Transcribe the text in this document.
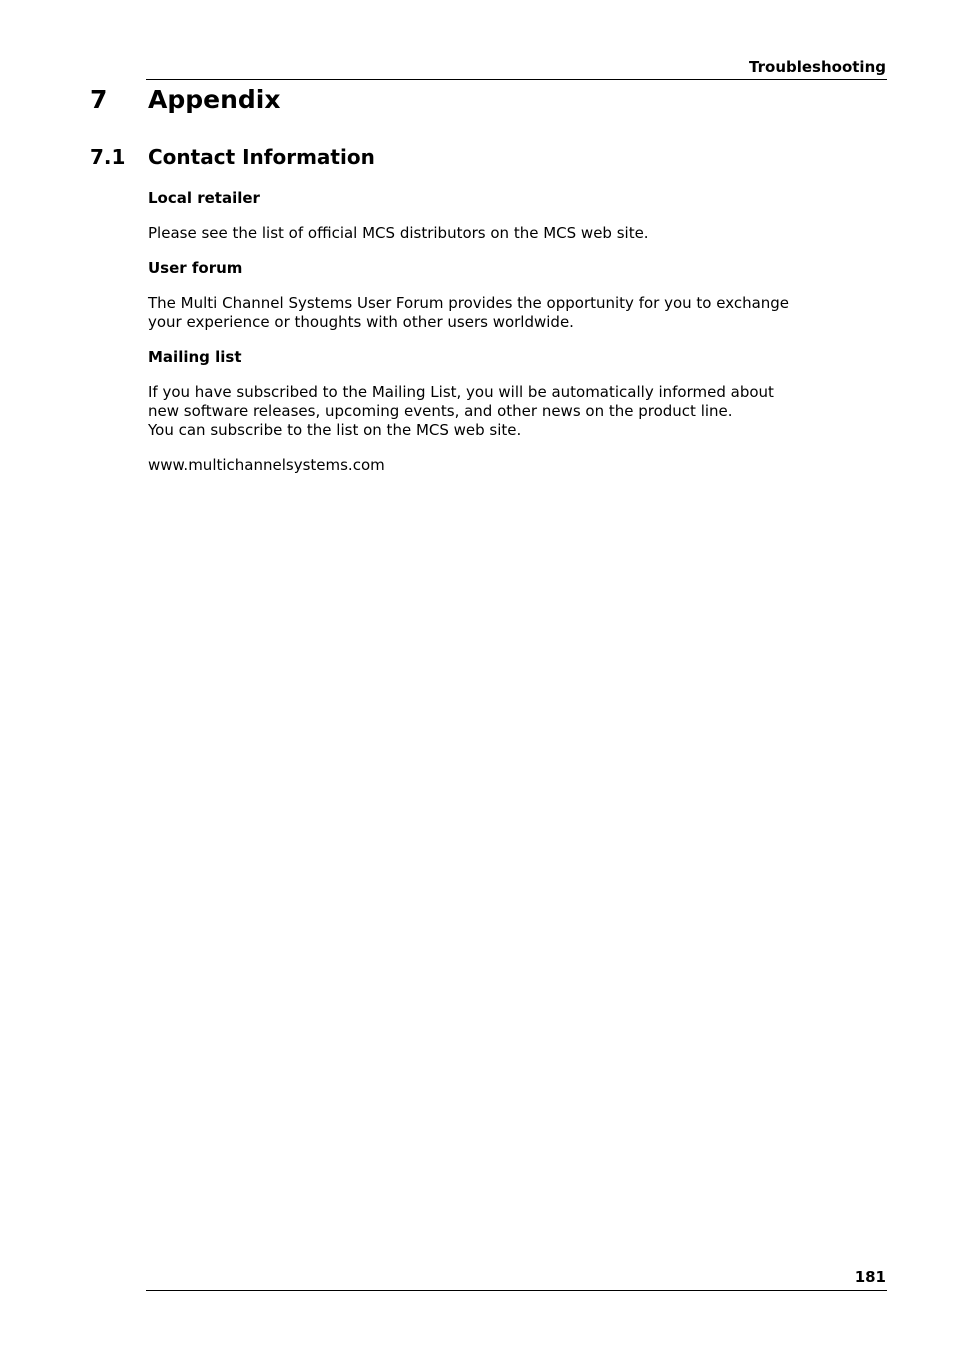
Troubleshooting
7 Appendix
7.1 Contact Information
Local retailer

Please see the list of official MCS distributors on the MCS web site.

User forum

The Multi Channel Systems User Forum provides the opportunity for you to exchange
your experience or thoughts with other users worldwide.

Mailing list

If you have subscribed to the Mailing List, you will be automatically informed about
new software releases, upcoming events, and other news on the product line.
You can subscribe to the list on the MCS web site.

www.multichannelsystems.com

181
